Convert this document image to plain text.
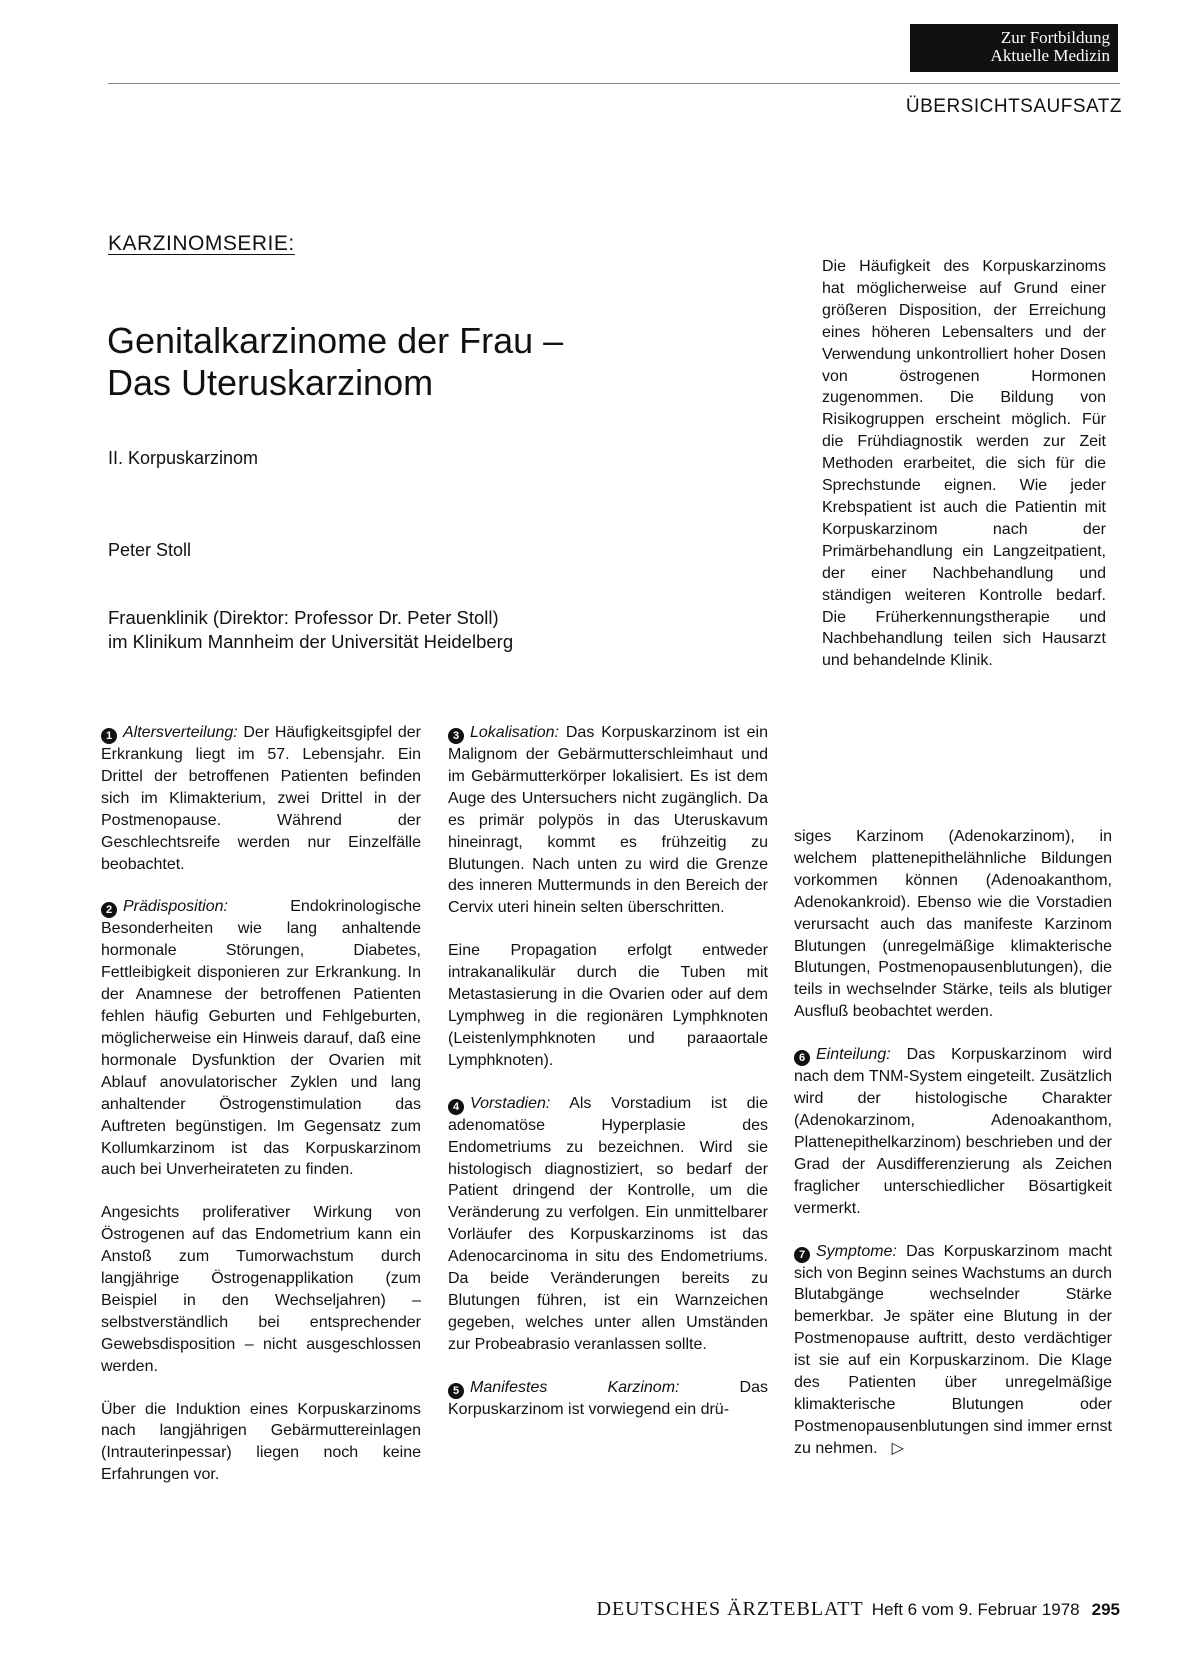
Zur Fortbildung
Aktuelle Medizin
ÜBERSICHTSAUFSATZ
KARZINOMSERIE:
Genitalkarzinome der Frau –
Das Uteruskarzinom
II. Korpuskarzinom
Peter Stoll
Frauenklinik (Direktor: Professor Dr. Peter Stoll)
im Klinikum Mannheim der Universität Heidelberg

Die Häufigkeit des Korpuskarzinoms hat möglicherweise auf Grund einer größeren Disposition, der Erreichung eines höheren Lebensalters und der Verwendung unkontrolliert hoher Dosen von östrogenen Hormonen zugenommen. Die Bildung von Risikogruppen erscheint möglich. Für die Frühdiagnostik werden zur Zeit Methoden erarbeitet, die sich für die Sprechstunde eignen. Wie jeder Krebspatient ist auch die Patientin mit Korpuskarzinom nach der Primärbehandlung ein Langzeitpatient, der einer Nachbehandlung und ständigen weiteren Kontrolle bedarf. Die Früherkennungstherapie und Nachbehandlung teilen sich Hausarzt und behandelnde Klinik.

1 Altersverteilung: Der Häufigkeitsgipfel der Erkrankung liegt im 57. Lebensjahr. Ein Drittel der betroffenen Patienten befinden sich im Klimakterium, zwei Drittel in der Postmenopause. Während der Geschlechtsreife werden nur Einzelfälle beobachtet.

2 Prädisposition: Endokrinologische Besonderheiten wie lang anhaltende hormonale Störungen, Diabetes, Fettleibigkeit disponieren zur Erkrankung. In der Anamnese der betroffenen Patienten fehlen häufig Geburten und Fehlgeburten, möglicherweise ein Hinweis darauf, daß eine hormonale Dysfunktion der Ovarien mit Ablauf anovulatorischer Zyklen und lang anhaltender Östrogenstimulation das Auftreten begünstigen. Im Gegensatz zum Kollumkarzinom ist das Korpuskarzinom auch bei Unverheirateten zu finden.

Angesichts proliferativer Wirkung von Östrogenen auf das Endometrium kann ein Anstoß zum Tumorwachstum durch langjährige Östrogenapplikation (zum Beispiel in den Wechseljahren) – selbstverständlich bei entsprechender Gewebsdisposition – nicht ausgeschlossen werden.

Über die Induktion eines Korpuskarzinoms nach langjährigen Gebärmuttereinlagen (Intrauterinpessar) liegen noch keine Erfahrungen vor.

3 Lokalisation: Das Korpuskarzinom ist ein Malignom der Gebärmutterschleimhaut und im Gebärmutterkörper lokalisiert. Es ist dem Auge des Untersuchers nicht zugänglich. Da es primär polypös in das Uteruskavum hineinragt, kommt es frühzeitig zu Blutungen. Nach unten zu wird die Grenze des inneren Muttermunds in den Bereich der Cervix uteri hinein selten überschritten.

Eine Propagation erfolgt entweder intrakanalikulär durch die Tuben mit Metastasierung in die Ovarien oder auf dem Lymphweg in die regionären Lymphknoten (Leistenlymphknoten und paraaortale Lymphknoten).

4 Vorstadien: Als Vorstadium ist die adenomatöse Hyperplasie des Endometriums zu bezeichnen. Wird sie histologisch diagnostiziert, so bedarf der Patient dringend der Kontrolle, um die Veränderung zu verfolgen. Ein unmittelbarer Vorläufer des Korpuskarzinoms ist das Adenocarcinoma in situ des Endometriums. Da beide Veränderungen bereits zu Blutungen führen, ist ein Warnzeichen gegeben, welches unter allen Umständen zur Probeabrasio veranlassen sollte.

5 Manifestes Karzinom: Das Korpuskarzinom ist vorwiegend ein drü-

siges Karzinom (Adenokarzinom), in welchem plattenepithelähnliche Bildungen vorkommen können (Adenoakanthom, Adenokankroid). Ebenso wie die Vorstadien verursacht auch das manifeste Karzinom Blutungen (unregelmäßige klimakterische Blutungen, Postmenopausenblutungen), die teils in wechselnder Stärke, teils als blutiger Ausfluß beobachtet werden.

6 Einteilung: Das Korpuskarzinom wird nach dem TNM-System eingeteilt. Zusätzlich wird der histologische Charakter (Adenokarzinom, Adenoakanthom, Plattenepithelkarzinom) beschrieben und der Grad der Ausdifferenzierung als Zeichen fraglicher unterschiedlicher Bösartigkeit vermerkt.

7 Symptome: Das Korpuskarzinom macht sich von Beginn seines Wachstums an durch Blutabgänge wechselnder Stärke bemerkbar. Je später eine Blutung in der Postmenopause auftritt, desto verdächtiger ist sie auf ein Korpuskarzinom. Die Klage des Patienten über unregelmäßige klimakterische Blutungen oder Postmenopausenblutungen sind immer ernst zu nehmen. ▷

DEUTSCHES ÄRZTEBLATT Heft 6 vom 9. Februar 1978 295
